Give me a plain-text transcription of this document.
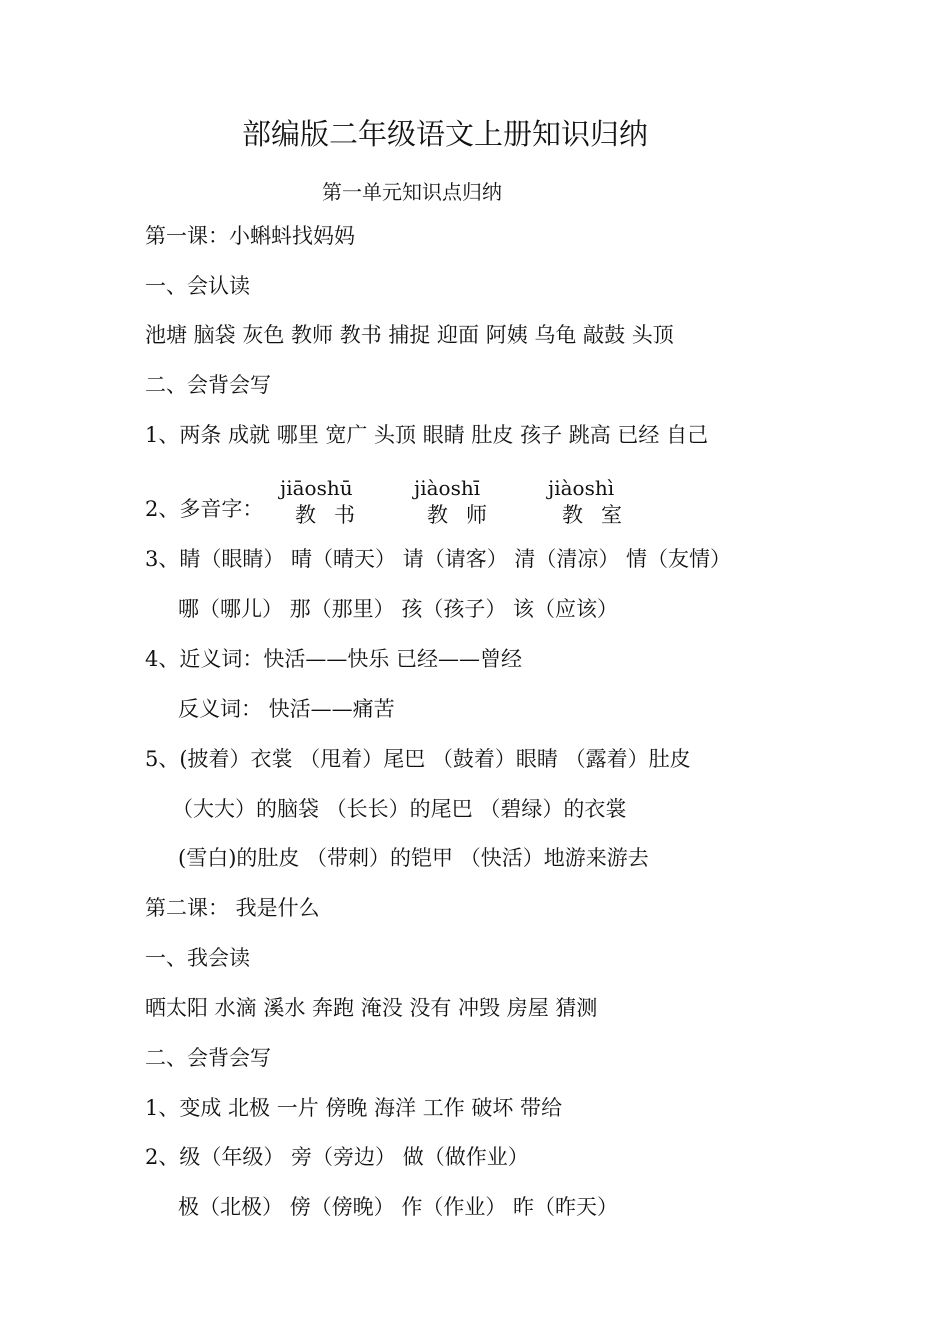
部编版二年级语文上册知识归纳
第一单元知识点归纳
第一课：小蝌蚪找妈妈
一、会认读
池塘 脑袋 灰色 教师 教书 捕捉 迎面 阿姨 乌龟 敲鼓 头顶
二、会背会写
1、两条 成就 哪里 宽广 头顶 眼睛 肚皮 孩子 跳高 已经 自己
jiāoshū	jiàoshī	jiàoshì
2、多音字： 教书	教师	教室
3、睛（眼睛） 晴（晴天） 请（请客） 清（清凉） 情（友情）
哪（哪儿） 那（那里） 孩（孩子） 该（应该）
4、近义词：快活——快乐 已经——曾经
反义词： 快活——痛苦
5、(披着）衣裳 （甩着）尾巴 （鼓着）眼睛 （露着）肚皮
（大大）的脑袋 （长长）的尾巴 （碧绿）的衣裳
(雪白)的肚皮 （带刺）的铠甲 （快活）地游来游去
第二课： 我是什么
一、我会读
晒太阳 水滴 溪水 奔跑 淹没 没有 冲毁 房屋 猜测
二、会背会写
1、变成 北极 一片 傍晚 海洋 工作 破坏 带给
2、级（年级） 旁（旁边） 做（做作业）
极（北极） 傍（傍晚） 作（作业） 昨（昨天）
